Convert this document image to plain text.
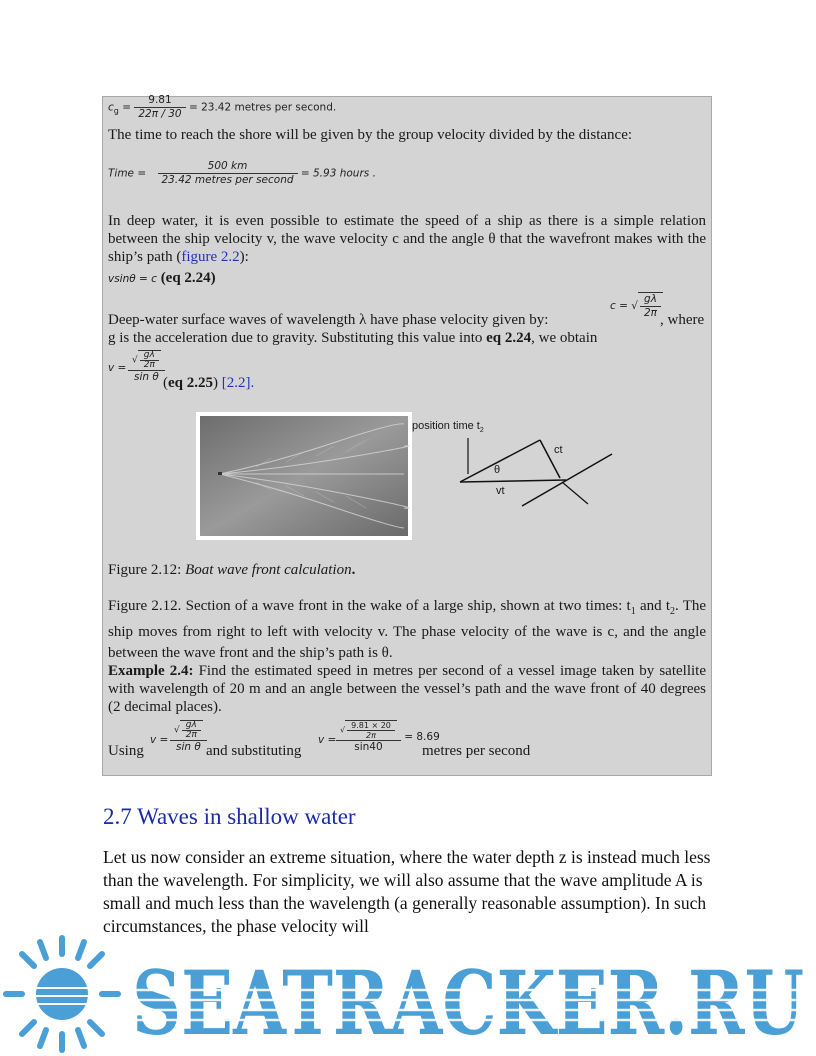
$c_g = \frac{9.81}{22\pi / 30} = 23.42$ metres per second.
The time to reach the shore will be given by the group velocity divided by the distance:
Time = $\frac{500 km}{\text{23.42 metres per second}} = 5.93$ hours .
In deep water, it is even possible to estimate the speed of a ship as there is a simple relation between the ship velocity v, the wave velocity c and the angle θ that the wavefront makes with the ship’s path (figure 2.2):
vsinθ = c (eq 2.24)
Deep-water surface waves of wavelength λ have phase velocity given by:
c = √ $\frac{g\lambda}{2\pi}$ , where
g is the acceleration due to gravity. Substituting this value into eq 2.24, we obtain
$v = \frac{√ \frac{g\lambda}{2\pi}}{\text{sin θ}}$
(eq 2.25) [2.2].
position time $t_2$
θ
ct
vt
Figure 2.12: Boat wave front calculation.
Figure 2.12. Section of a wave front in the wake of a large ship, shown at two times: $t_1$ and $t_2$. The ship moves from right to left with velocity v. The phase velocity of the wave is c, and the angle between the wave front and the ship’s path is θ.
Example 2.4: Find the estimated speed in metres per second of a vessel image taken by satellite with wavelength of 20 m and an angle between the vessel’s path and the wave front of 40 degrees (2 decimal places).
Using
$v = \frac{√ \frac{g\lambda}{2\pi}}{\text{sin θ}}$ and substituting
$v = \frac{√ \frac{9.81 \times 20}{2\pi}}{\sin 40} = 8.69$
metres per second
2.7 Waves in shallow water
Let us now consider an extreme situation, where the water depth z is instead much less than the wavelength. For simplicity, we will also assume that the wave amplitude A is small and much less than the wavelength (a generally reasonable assumption). In such circumstances, the phase velocity will
SEATRACKER.RU
